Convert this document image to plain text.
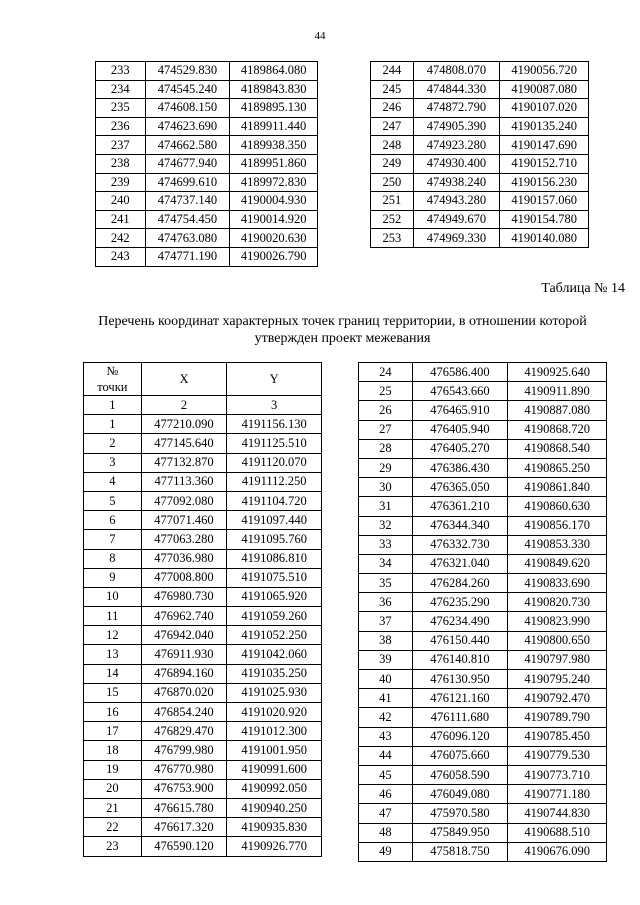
44
233	474529.830	4189864.080
234	474545.240	4189843.830
235	474608.150	4189895.130
236	474623.690	4189911.440
237	474662.580	4189938.350
238	474677.940	4189951.860
239	474699.610	4189972.830
240	474737.140	4190004.930
241	474754.450	4190014.920
242	474763.080	4190020.630
243	474771.190	4190026.790
244	474808.070	4190056.720
245	474844.330	4190087.080
246	474872.790	4190107.020
247	474905.390	4190135.240
248	474923.280	4190147.690
249	474930.400	4190152.710
250	474938.240	4190156.230
251	474943.280	4190157.060
252	474949.670	4190154.780
253	474969.330	4190140.080
Таблица № 14
Перечень координат характерных точек границ территории, в отношении которой утвержден проект межевания
№
точки	X	Y
1	2	3
1	477210.090	4191156.130
2	477145.640	4191125.510
3	477132.870	4191120.070
4	477113.360	4191112.250
5	477092.080	4191104.720
6	477071.460	4191097.440
7	477063.280	4191095.760
8	477036.980	4191086.810
9	477008.800	4191075.510
10	476980.730	4191065.920
11	476962.740	4191059.260
12	476942.040	4191052.250
13	476911.930	4191042.060
14	476894.160	4191035.250
15	476870.020	4191025.930
16	476854.240	4191020.920
17	476829.470	4191012.300
18	476799.980	4191001.950
19	476770.980	4190991.600
20	476753.900	4190992.050
21	476615.780	4190940.250
22	476617.320	4190935.830
23	476590.120	4190926.770
24	476586.400	4190925.640
25	476543.660	4190911.890
26	476465.910	4190887.080
27	476405.940	4190868.720
28	476405.270	4190868.540
29	476386.430	4190865.250
30	476365.050	4190861.840
31	476361.210	4190860.630
32	476344.340	4190856.170
33	476332.730	4190853.330
34	476321.040	4190849.620
35	476284.260	4190833.690
36	476235.290	4190820.730
37	476234.490	4190823.990
38	476150.440	4190800.650
39	476140.810	4190797.980
40	476130.950	4190795.240
41	476121.160	4190792.470
42	476111.680	4190789.790
43	476096.120	4190785.450
44	476075.660	4190779.530
45	476058.590	4190773.710
46	476049.080	4190771.180
47	475970.580	4190744.830
48	475849.950	4190688.510
49	475818.750	4190676.090
